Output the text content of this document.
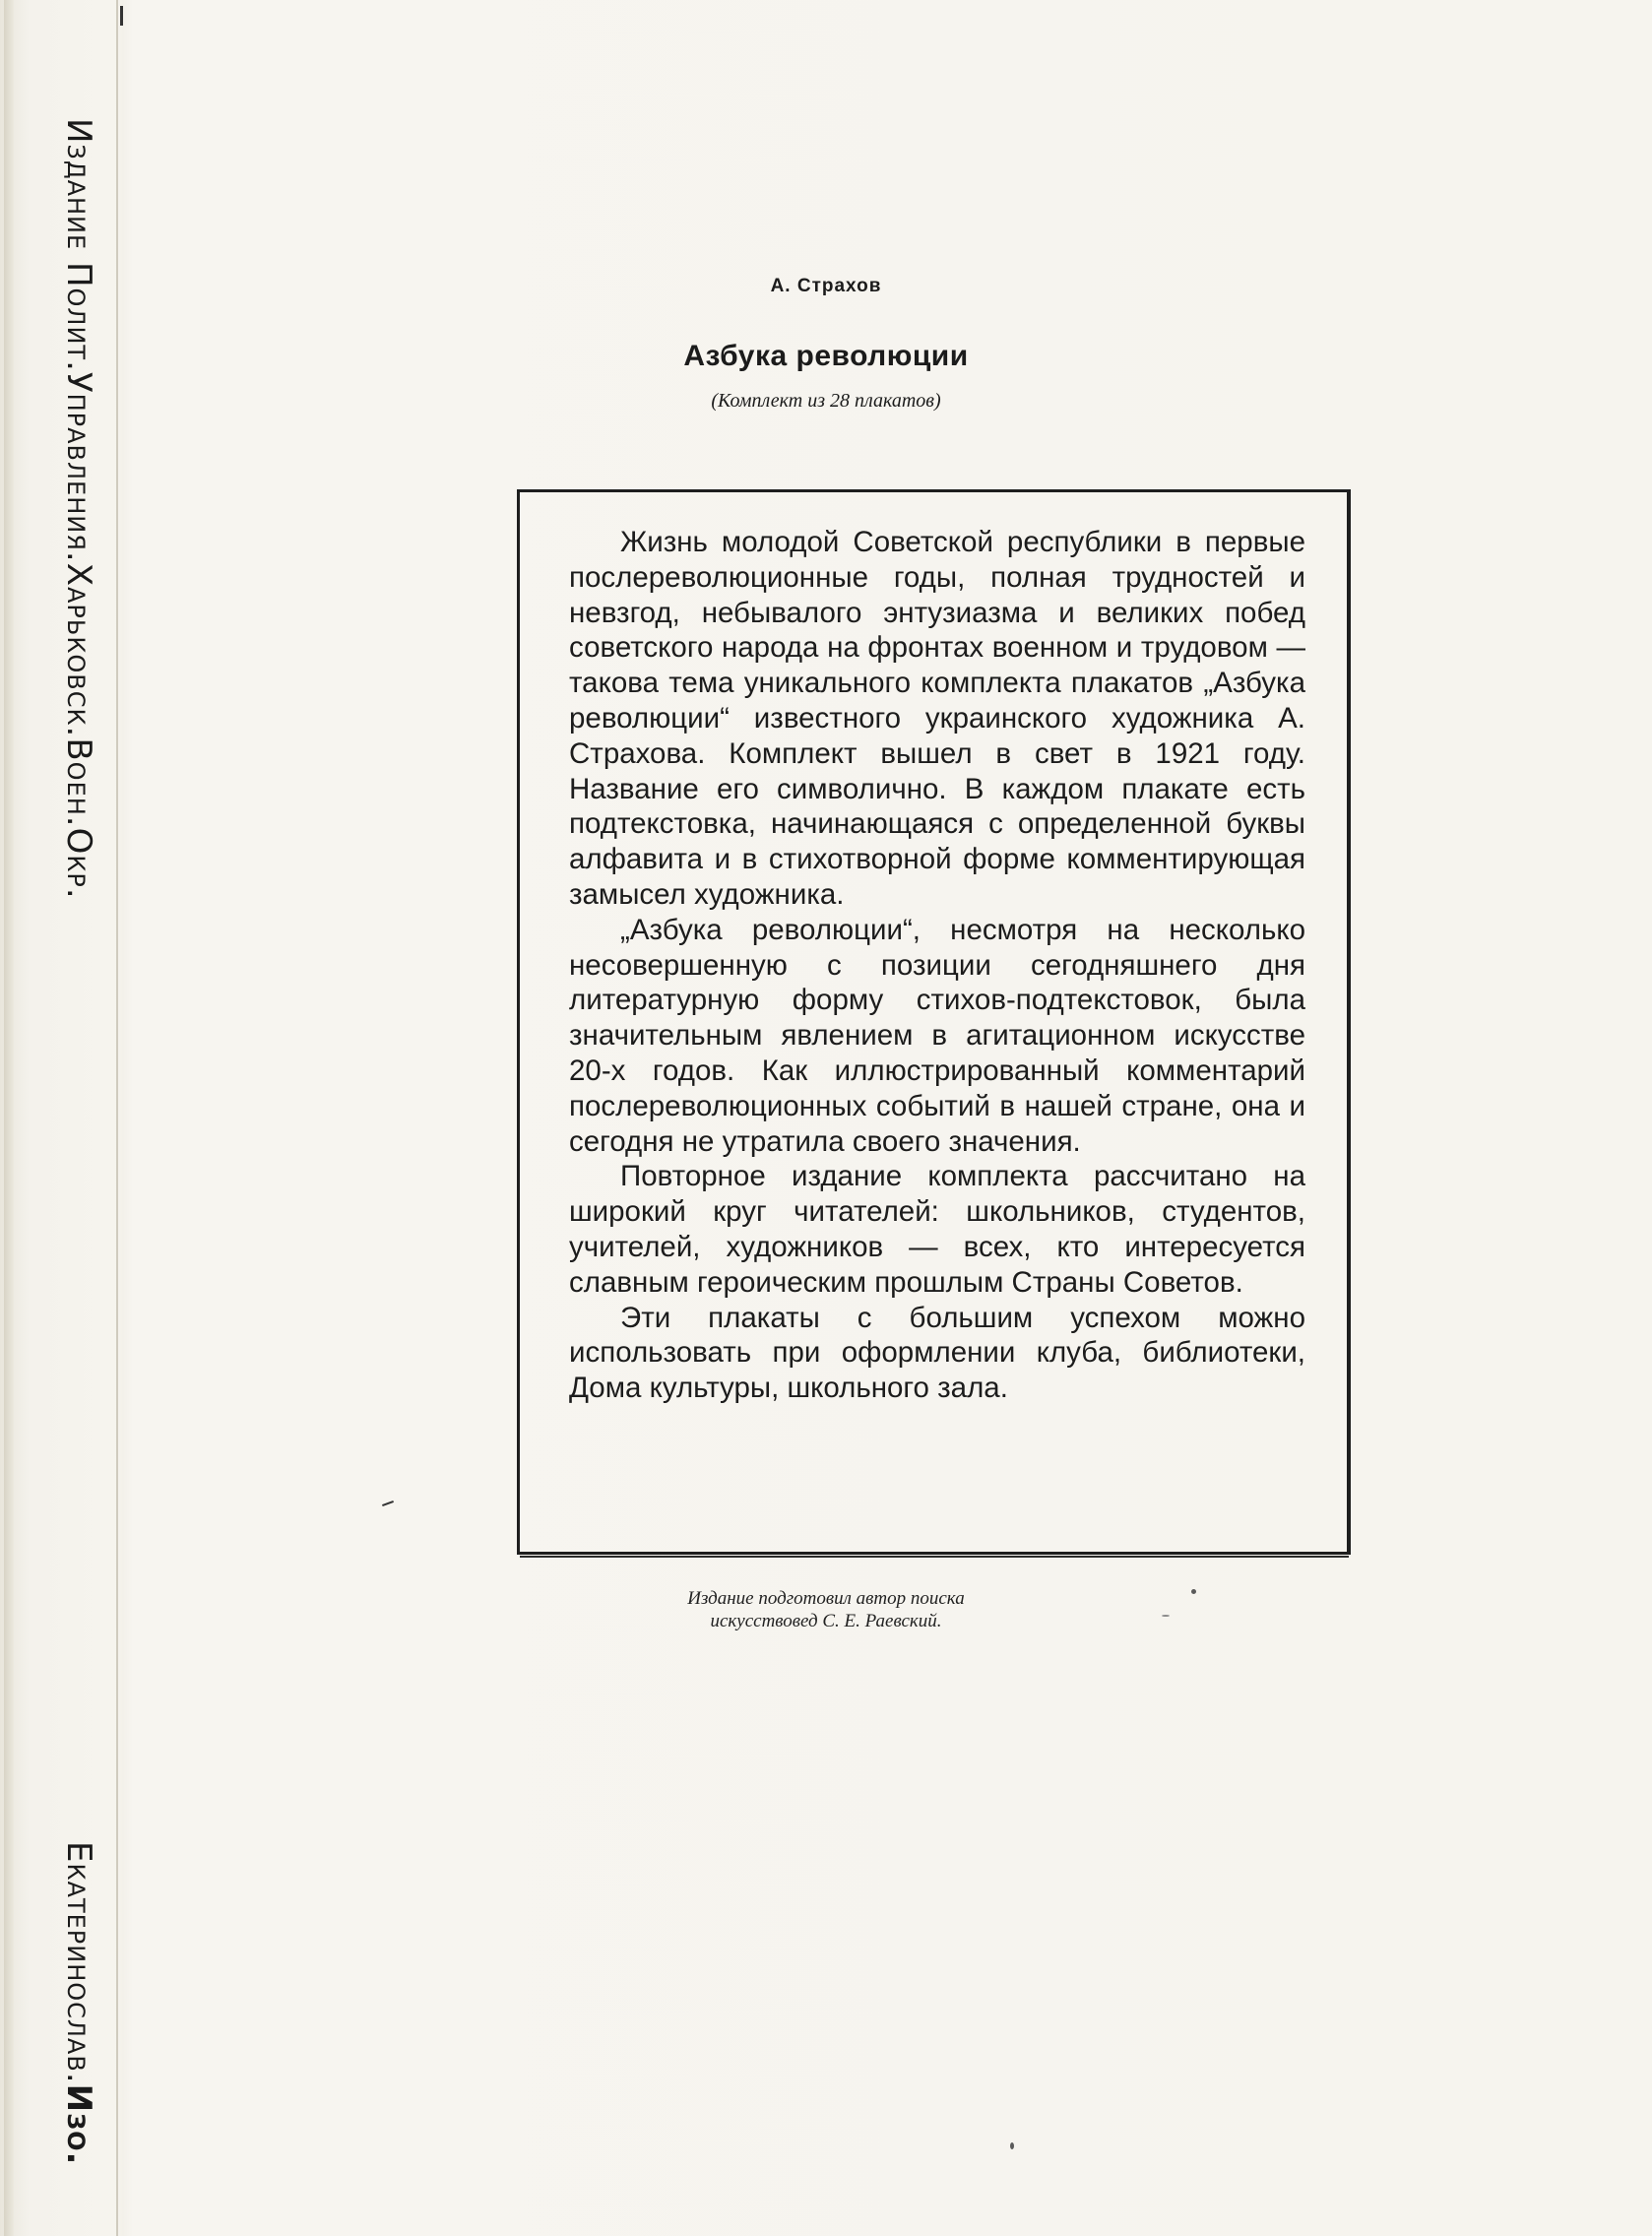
Издание Полит.Управления.Харьковск.Воен.Окр.
Екатеринослав.Изо.
А. Страхов
Азбука революции
(Комплект из 28 плакатов)

Жизнь молодой Советской республики в первые послереволюционные годы, полная трудностей и невзгод, небывалого энтузиазма и великих побед советского народа на фронтах военном и трудовом — такова тема уникального комплекта плакатов „Азбука революции“ известного украинского художника А. Страхова. Комплект вышел в свет в 1921 году. Название его символично. В каждом плакате есть подтекстовка, начинающаяся с определенной буквы алфавита и в стихотворной форме комментирующая замысел художника.

„Азбука революции“, несмотря на несколько несовершенную с позиции сегодняшнего дня литературную форму стихов-подтекстовок, была значительным явлением в агитационном искусстве 20-х годов. Как иллюстрированный комментарий послереволюционных событий в нашей стране, она и сегодня не утратила своего значения.

Повторное издание комплекта рассчитано на широкий круг читателей: школьников, студентов, учителей, художников — всех, кто интересуется славным героическим прошлым Страны Советов.

Эти плакаты с большим успехом можно использовать при оформлении клуба, библиотеки, Дома культуры, школьного зала.

Издание подготовил автор поиска
искусствовед С. Е. Раевский.
